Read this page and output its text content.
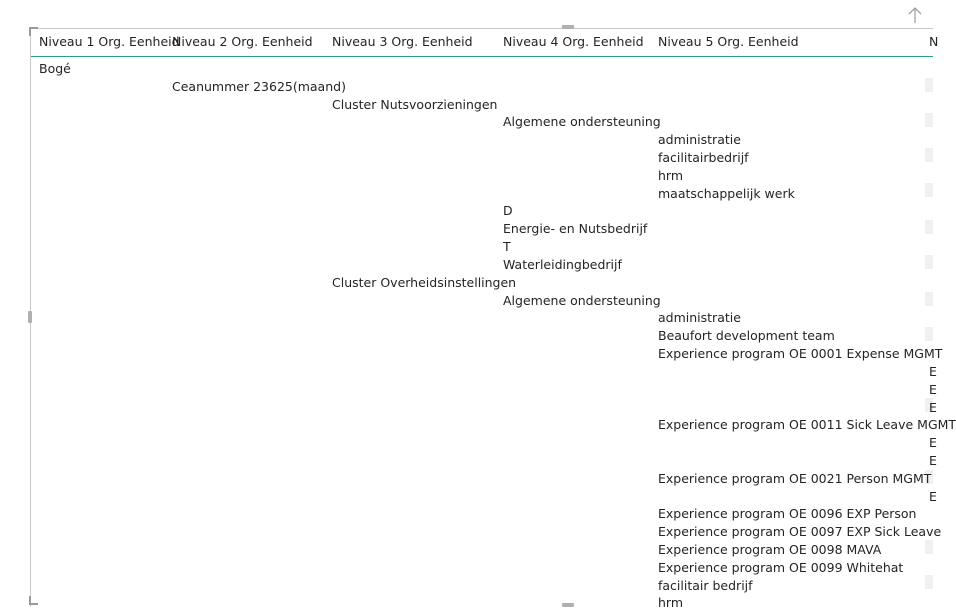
Niveau 1 Org. Eenheid
Niveau 2 Org. Eenheid Niveau 3 Org. Eenheid Niveau 4 Org. Eenheid Niveau 5 Org. Eenheid	N
Bogé
Ceanummer 23625(maand)
Cluster Nutsvoorzieningen
Algemene ondersteuning
administratie
facilitairbedrijf
hrm
maatschappelijk werk
D
Energie- en Nutsbedrijf
T
Waterleidingbedrijf
Cluster Overheidsinstellingen
Algemene ondersteuning
administratie
Beaufort development team
Experience program OE 0001 Expense MGMT
E
E
E
Experience program OE 0011 Sick Leave MGMT
E
E
Experience program OE 0021 Person MGMT
E
Experience program OE 0096 EXP Person
Experience program OE 0097 EXP Sick Leave
Experience program OE 0098 MAVA
Experience program OE 0099 Whitehat
facilitair bedrijf
hrm
